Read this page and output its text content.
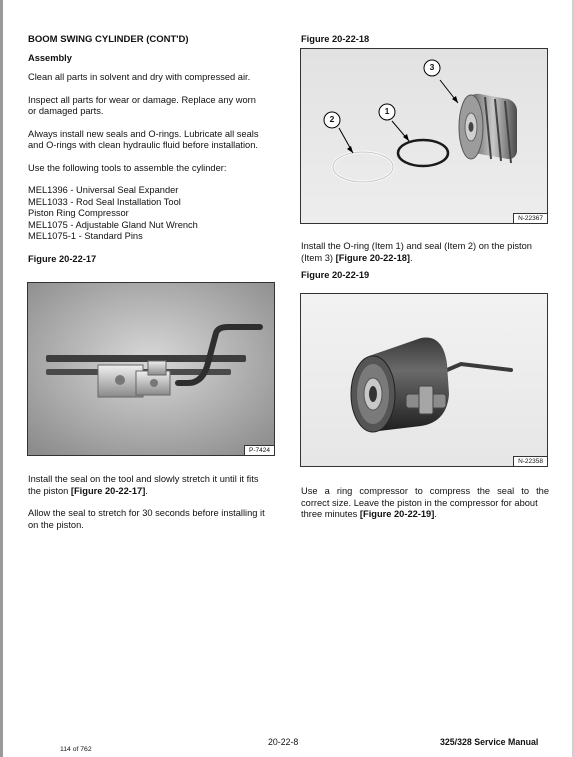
BOOM SWING CYLINDER (CONT'D)
Assembly

Clean all parts in solvent and dry with compressed air.

Inspect all parts for wear or damage. Replace any worn
or damaged parts.

Always install new seals and O-rings. Lubricate all seals
and O-rings with clean hydraulic fluid before installation.

Use the following tools to assemble the cylinder:

MEL1396 - Universal Seal Expander
MEL1033 - Rod Seal Installation Tool
Piston Ring Compressor
MEL1075 - Adjustable Gland Nut Wrench
MEL1075-1 - Standard Pins
Figure 20-22-17
P-7424

Install the seal on the tool and slowly stretch it until it fits
the piston [Figure 20-22-17].

Allow the seal to stretch for 30 seconds before installing it
on the piston.

Figure 20-22-18
3
2
1
N-22367

Install the O-ring (Item 1) and seal (Item 2) on the piston
(Item 3) [Figure 20-22-18].

Figure 20-22-19
N-22358

Use a ring compressor to compress the seal to the
correct size. Leave the piston in the compressor for about
three minutes [Figure 20-22-19].

20-22-8	325/328 Service Manual
114 of 762
